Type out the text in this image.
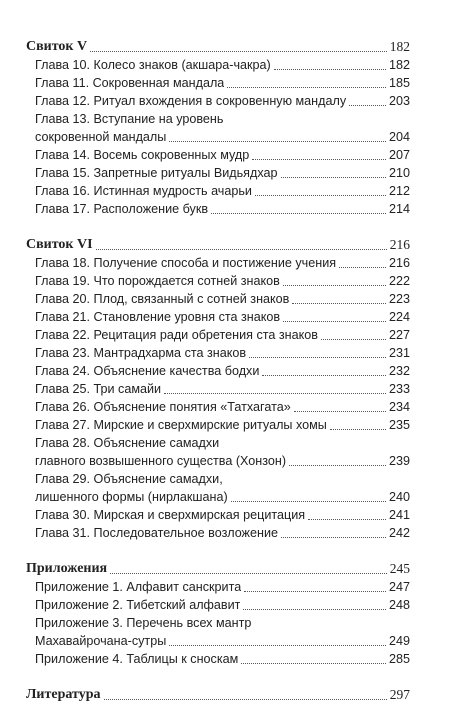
Свиток V	182
Глава 10. Колесо знаков (акшара-чакра)	182
Глава 11. Сокровенная мандала	185
Глава 12. Ритуал вхождения в сокровенную мандалу	203
Глава 13. Вступание на уровень
сокровенной мандалы	204
Глава 14. Восемь сокровенных мудр	207
Глава 15. Запретные ритуалы Видьядхар	210
Глава 16. Истинная мудрость ачарьи	212
Глава 17. Расположение букв	214
Свиток VI	216
Глава 18. Получение способа и постижение учения	216
Глава 19. Что порождается сотней знаков	222
Глава 20. Плод, связанный с сотней знаков	223
Глава 21. Становление уровня ста знаков	224
Глава 22. Рецитация ради обретения ста знаков	227
Глава 23. Мантрадхарма ста знаков	231
Глава 24. Объяснение качества бодхи	232
Глава 25. Три самайи	233
Глава 26. Объяснение понятия «Татхагата»	234
Глава 27. Мирские и сверхмирские ритуалы хомы	235
Глава 28. Объяснение самадхи
главного возвышенного существа (Хонзон)	239
Глава 29. Объяснение самадхи,
лишенного формы (нирлакшана)	240
Глава 30. Мирская и сверхмирская рецитация	241
Глава 31. Последовательное возложение	242
Приложения	245
Приложение 1. Алфавит санскрита	247
Приложение 2. Тибетский алфавит	248
Приложение 3. Перечень всех мантр
Махавайрочана-сутры	249
Приложение 4. Таблицы к сноскам	285
Литература	297
